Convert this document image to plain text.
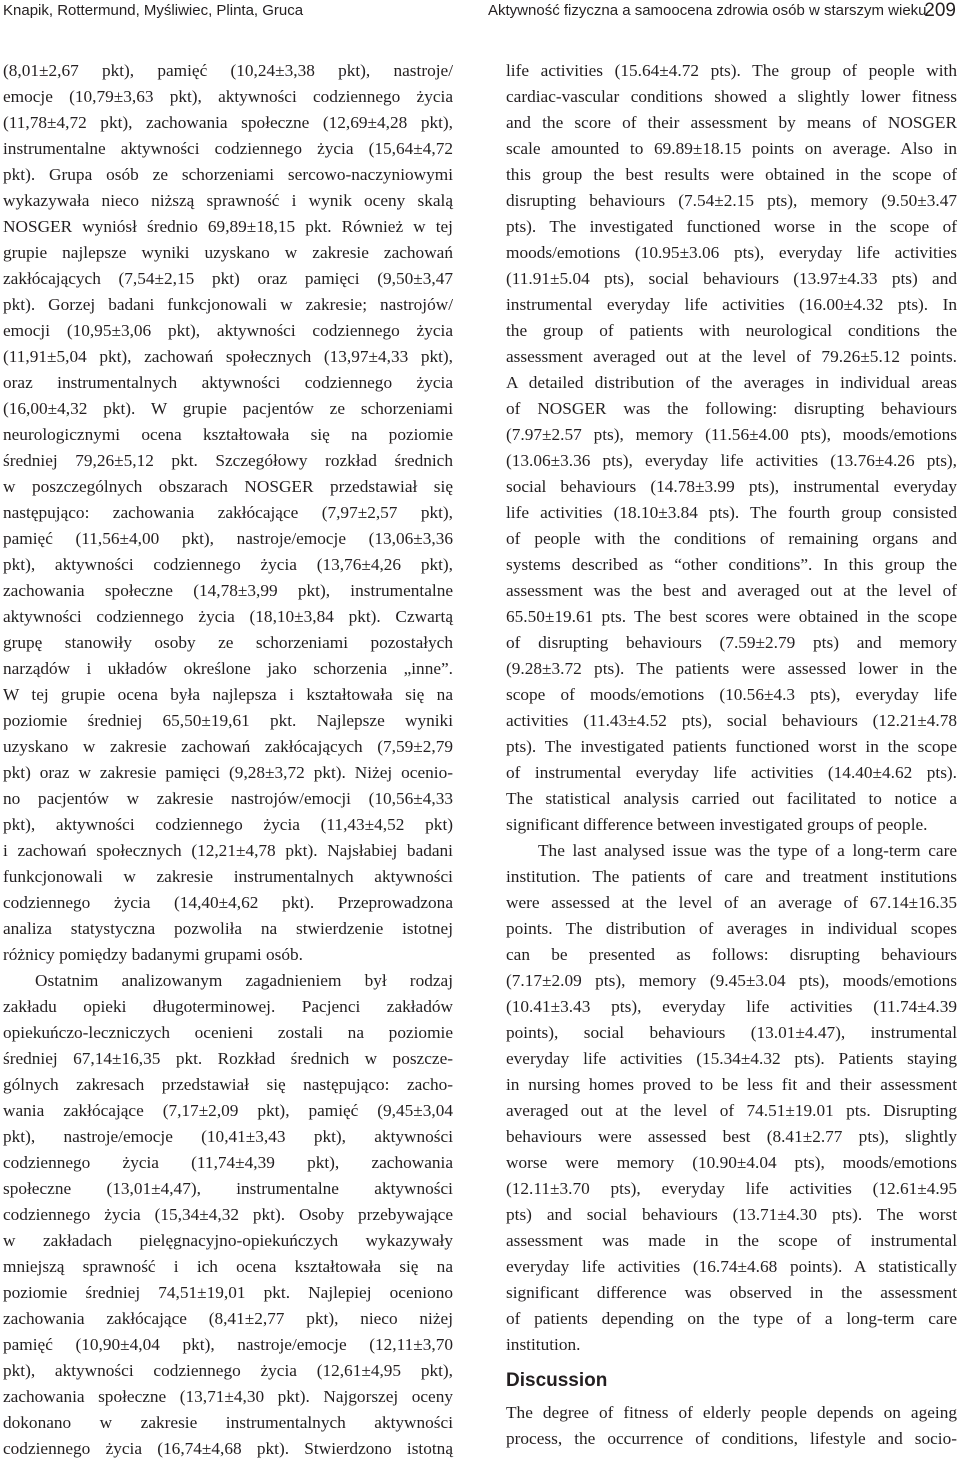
Knapik, Rottermund, Myśliwiec, Plinta, Gruca	Aktywność fizyczna a samoocena zdrowia osób w starszym wieku
209
(8,01±2,67 pkt), pamięć (10,24±3,38 pkt), nastroje/
emocje (10,79±3,63 pkt), aktywności codziennego życia
(11,78±4,72 pkt), zachowania społeczne (12,69±4,28 pkt),
instrumentalne aktywności codziennego życia (15,64±4,72
pkt). Grupa osób ze schorzeniami sercowo-naczyniowymi
wykazywała nieco niższą sprawność i wynik oceny skalą
NOSGER wyniósł średnio 69,89±18,15 pkt. Również w tej
grupie najlepsze wyniki uzyskano w zakresie zachowań
zakłócających (7,54±2,15 pkt) oraz pamięci (9,50±3,47
pkt). Gorzej badani funkcjonowali w zakresie; nastrojów/
emocji (10,95±3,06 pkt), aktywności codziennego życia
(11,91±5,04 pkt), zachowań społecznych (13,97±4,33 pkt),
oraz instrumentalnych aktywności codziennego życia
(16,00±4,32 pkt). W grupie pacjentów ze schorzeniami
neurologicznymi ocena kształtowała się na poziomie
średniej 79,26±5,12 pkt. Szczegółowy rozkład średnich
w poszczególnych obszarach NOSGER przedstawiał się
następująco: zachowania zakłócające (7,97±2,57 pkt),
pamięć (11,56±4,00 pkt), nastroje/emocje (13,06±3,36
pkt), aktywności codziennego życia (13,76±4,26 pkt),
zachowania społeczne (14,78±3,99 pkt), instrumentalne
aktywności codziennego życia (18,10±3,84 pkt). Czwartą
grupę stanowiły osoby ze schorzeniami pozostałych
narządów i układów określone jako schorzenia „inne”.
W tej grupie ocena była najlepsza i kształtowała się na
poziomie średniej 65,50±19,61 pkt. Najlepsze wyniki
uzyskano w zakresie zachowań zakłócających (7,59±2,79
pkt) oraz w zakresie pamięci (9,28±3,72 pkt). Niżej ocenio-
no pacjentów w zakresie nastrojów/emocji (10,56±4,33
pkt), aktywności codziennego życia (11,43±4,52 pkt)
i zachowań społecznych (12,21±4,78 pkt). Najsłabiej badani
funkcjonowali w zakresie instrumentalnych aktywności
codziennego życia (14,40±4,62 pkt). Przeprowadzona
analiza statystyczna pozwoliła na stwierdzenie istotnej
różnicy pomiędzy badanymi grupami osób.
Ostatnim analizowanym zagadnieniem był rodzaj
zakładu opieki długoterminowej. Pacjenci zakładów
opiekuńczo-leczniczych ocenieni zostali na poziomie
średniej 67,14±16,35 pkt. Rozkład średnich w poszcze-
gólnych zakresach przedstawiał się następująco: zacho-
wania zakłócające (7,17±2,09 pkt), pamięć (9,45±3,04
pkt), nastroje/emocje (10,41±3,43 pkt), aktywności
codziennego życia (11,74±4,39 pkt), zachowania
społeczne (13,01±4,47), instrumentalne aktywności
codziennego życia (15,34±4,32 pkt). Osoby przebywające
w zakładach pielęgnacyjno-opiekuńczych wykazywały
mniejszą sprawność i ich ocena kształtowała się na
poziomie średniej 74,51±19,01 pkt. Najlepiej oceniono
zachowania zakłócające (8,41±2,77 pkt), nieco niżej
pamięć (10,90±4,04 pkt), nastroje/emocje (12,11±3,70
pkt), aktywności codziennego życia (12,61±4,95 pkt),
zachowania społeczne (13,71±4,30 pkt). Najgorszej oceny
dokonano w zakresie instrumentalnych aktywności
codziennego życia (16,74±4,68 pkt). Stwierdzono istotną
life activities (15.64±4.72 pts). The group of people with
cardiac-vascular conditions showed a slightly lower fitness
and the score of their assessment by means of NOSGER
scale amounted to 69.89±18.15 points on average. Also in
this group the best results were obtained in the scope of
disrupting behaviours (7.54±2.15 pts), memory (9.50±3.47
pts). The investigated functioned worse in the scope of
moods/emotions (10.95±3.06 pts), everyday life activities
(11.91±5.04 pts), social behaviours (13.97±4.33 pts) and
instrumental everyday life activities (16.00±4.32 pts). In
the group of patients with neurological conditions the
assessment averaged out at the level of 79.26±5.12 points.
A detailed distribution of the averages in individual areas
of NOSGER was the following: disrupting behaviours
(7.97±2.57 pts), memory (11.56±4.00 pts), moods/emotions
(13.06±3.36 pts), everyday life activities (13.76±4.26 pts),
social behaviours (14.78±3.99 pts), instrumental everyday
life activities (18.10±3.84 pts). The fourth group consisted
of people with the conditions of remaining organs and
systems described as “other conditions”. In this group the
assessment was the best and averaged out at the level of
65.50±19.61 pts. The best scores were obtained in the scope
of disrupting behaviours (7.59±2.79 pts) and memory
(9.28±3.72 pts). The patients were assessed lower in the
scope of moods/emotions (10.56±4.3 pts), everyday life
activities (11.43±4.52 pts), social behaviours (12.21±4.78
pts). The investigated patients functioned worst in the scope
of instrumental everyday life activities (14.40±4.62 pts).
The statistical analysis carried out facilitated to notice a
significant difference between investigated groups of people.
The last analysed issue was the type of a long-term care
institution. The patients of care and treatment institutions
were assessed at the level of an average of 67.14±16.35
points. The distribution of averages in individual scopes
can be presented as follows: disrupting behaviours
(7.17±2.09 pts), memory (9.45±3.04 pts), moods/emotions
(10.41±3.43 pts), everyday life activities (11.74±4.39
points), social behaviours (13.01±4.47), instrumental
everyday life activities (15.34±4.32 pts). Patients staying
in nursing homes proved to be less fit and their assessment
averaged out at the level of 74.51±19.01 pts. Disrupting
behaviours were assessed best (8.41±2.77 pts), slightly
worse were memory (10.90±4.04 pts), moods/emotions
(12.11±3.70 pts), everyday life activities (12.61±4.95
pts) and social behaviours (13.71±4.30 pts). The worst
assessment was made in the scope of instrumental
everyday life activities (16.74±4.68 points). A statistically
significant difference was observed in the assessment
of patients depending on the type of a long-term care
institution.
Discussion
The degree of fitness of elderly people depends on ageing
process, the occurrence of conditions, lifestyle and socio-
